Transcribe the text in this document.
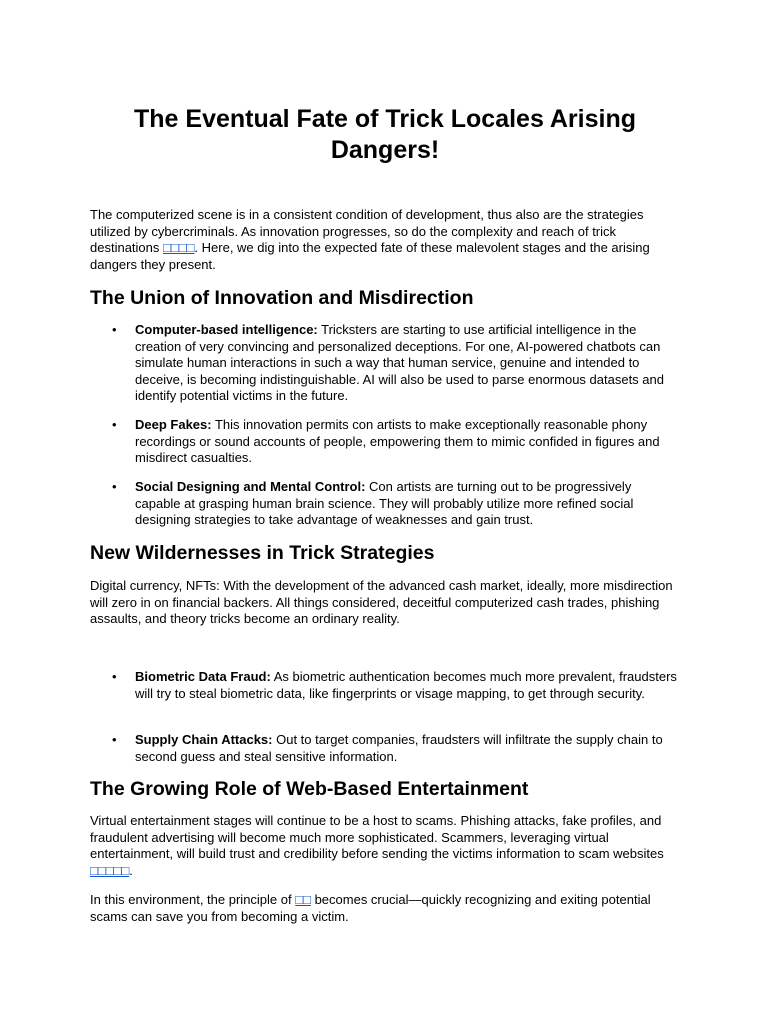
The Eventual Fate of Trick Locales Arising Dangers!

The computerized scene is in a consistent condition of development, thus also are the strategies utilized by cybercriminals. As innovation progresses, so do the complexity and reach of trick destinations □□□□. Here, we dig into the expected fate of these malevolent stages and the arising dangers they present.

The Union of Innovation and Misdirection
• Computer-based intelligence: Tricksters are starting to use artificial intelligence in the creation of very convincing and personalized deceptions. For one, AI-powered chatbots can simulate human interactions in such a way that human service, genuine and intended to deceive, is becoming indistinguishable. AI will also be used to parse enormous datasets and identify potential victims in the future.
• Deep Fakes: This innovation permits con artists to make exceptionally reasonable phony recordings or sound accounts of people, empowering them to mimic confided in figures and misdirect casualties.
• Social Designing and Mental Control: Con artists are turning out to be progressively capable at grasping human brain science. They will probably utilize more refined social designing strategies to take advantage of weaknesses and gain trust.
New Wildernesses in Trick Strategies

Digital currency, NFTs: With the development of the advanced cash market, ideally, more misdirection will zero in on financial backers. All things considered, deceitful computerized cash trades, phishing assaults, and theory tricks become an ordinary reality.

• Biometric Data Fraud: As biometric authentication becomes much more prevalent, fraudsters will try to steal biometric data, like fingerprints or visage mapping, to get through security.
• Supply Chain Attacks: Out to target companies, fraudsters will infiltrate the supply chain to second guess and steal sensitive information.
The Growing Role of Web-Based Entertainment

Virtual entertainment stages will continue to be a host to scams. Phishing attacks, fake profiles, and fraudulent advertising will become much more sophisticated. Scammers, leveraging virtual entertainment, will build trust and credibility before sending the victims information to scam websites □□□□□.

In this environment, the principle of □□ becomes crucial—quickly recognizing and exiting potential scams can save you from becoming a victim.
